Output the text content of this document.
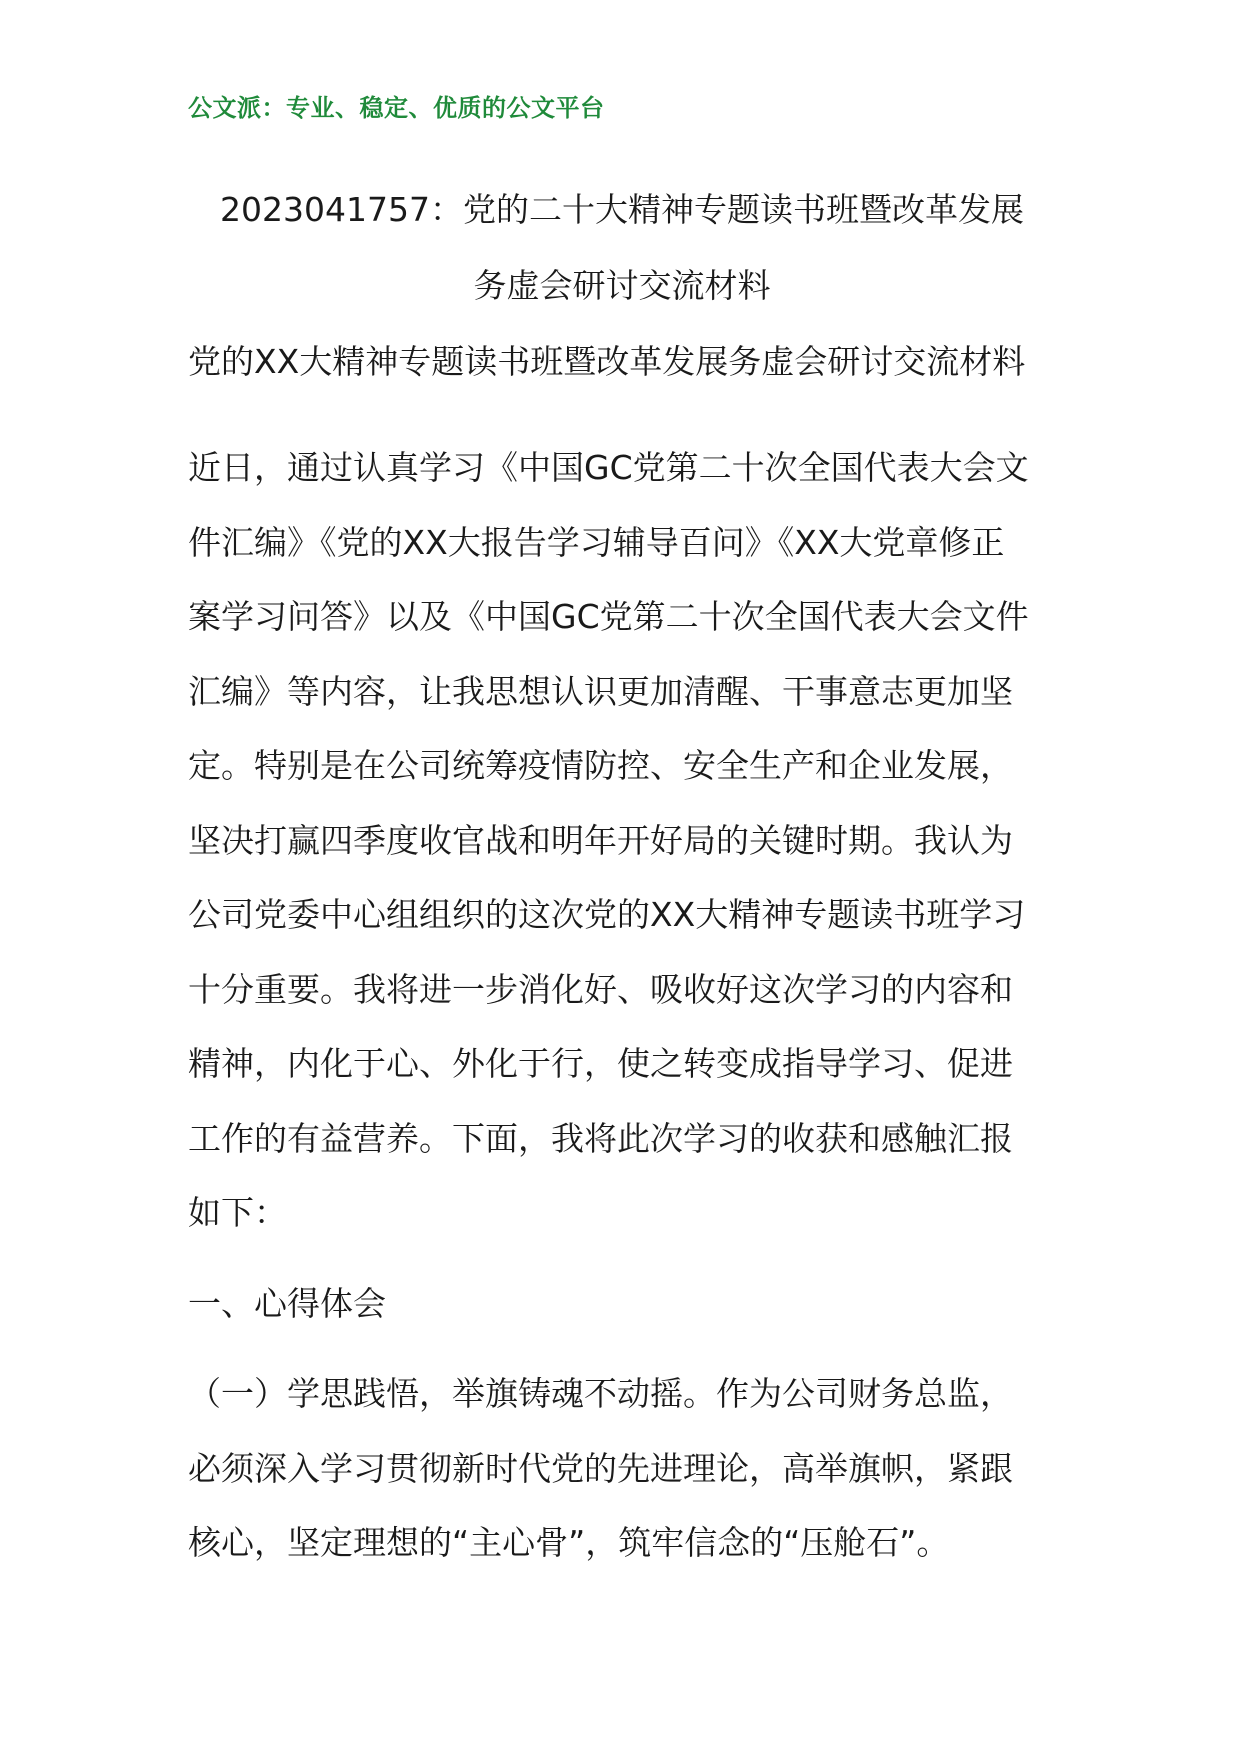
公文派：专业、稳定、优质的公文平台
2023041757：党的二十大精神专题读书班暨改革发展
务虚会研讨交流材料
党的XX大精神专题读书班暨改革发展务虚会研讨交流材料
近日，通过认真学习《中国GC党第二十次全国代表大会文
件汇编》《党的XX大报告学习辅导百问》《XX大党章修正
案学习问答》以及《中国GC党第二十次全国代表大会文件
汇编》等内容，让我思想认识更加清醒、干事意志更加坚
定。特别是在公司统筹疫情防控、安全生产和企业发展，
坚决打赢四季度收官战和明年开好局的关键时期。我认为
公司党委中心组组织的这次党的XX大精神专题读书班学习
十分重要。我将进一步消化好、吸收好这次学习的内容和
精神，内化于心、外化于行，使之转变成指导学习、促进
工作的有益营养。下面，我将此次学习的收获和感触汇报
如下：
一、心得体会
（一）学思践悟，举旗铸魂不动摇。作为公司财务总监，
必须深入学习贯彻新时代党的先进理论，高举旗帜，紧跟
核心，坚定理想的“主心骨”，筑牢信念的“压舱石”。
